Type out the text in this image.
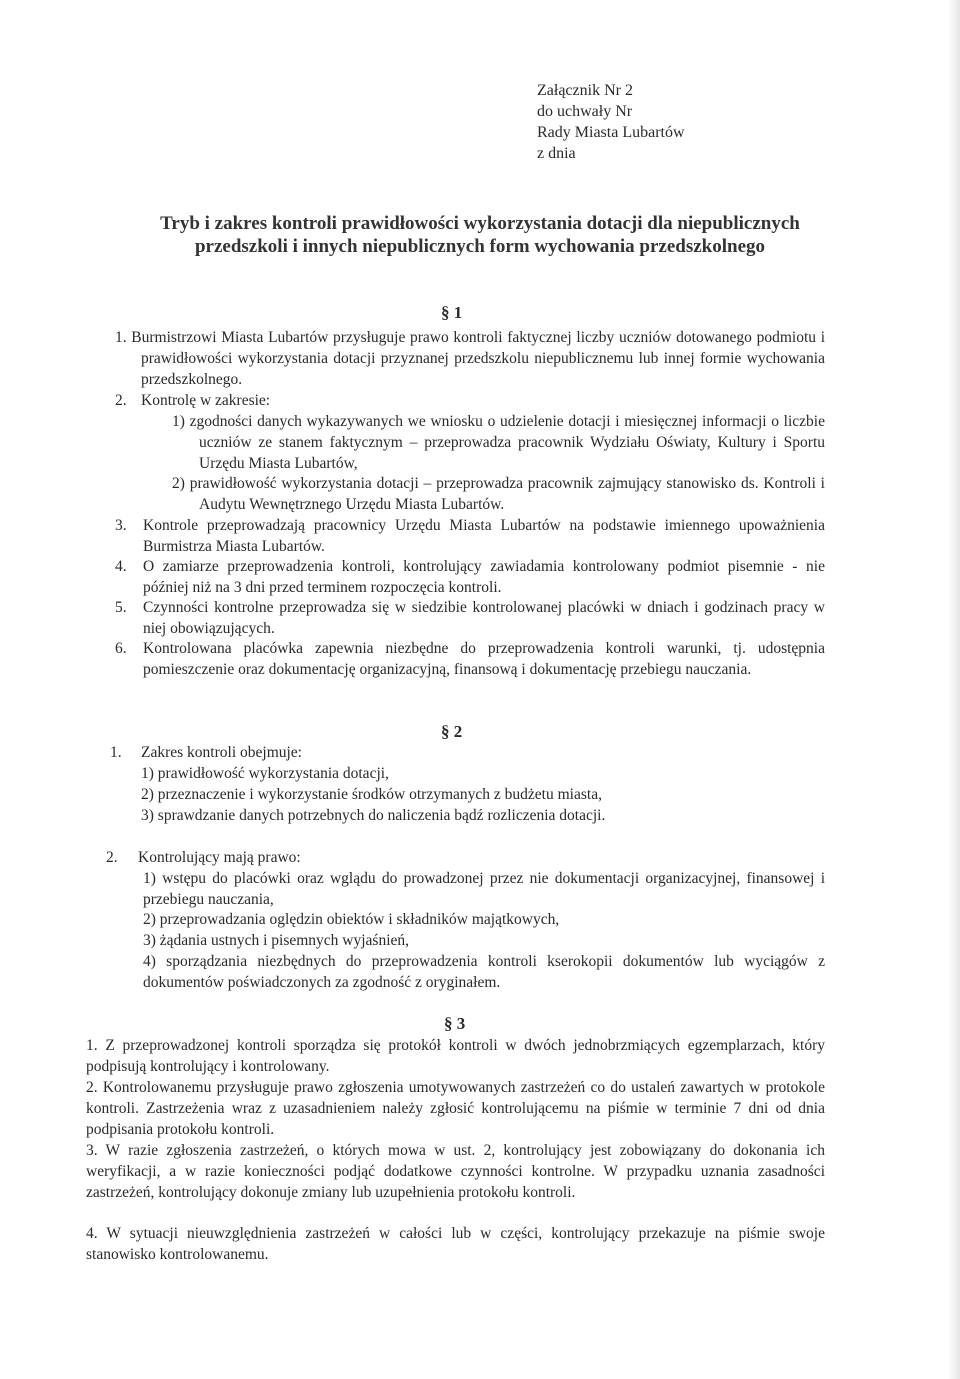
Załącznik Nr 2
do uchwały Nr
Rady Miasta Lubartów
z dnia
Tryb i zakres kontroli prawidłowości wykorzystania dotacji dla niepublicznych
przedszkoli i innych niepublicznych form wychowania przedszkolnego
§ 1
1. Burmistrzowi Miasta Lubartów przysługuje prawo kontroli faktycznej liczby uczniów dotowanego podmiotu i prawidłowości wykorzystania dotacji przyznanej przedszkolu niepublicznemu lub innej formie wychowania przedszkolnego.
2. Kontrolę w zakresie:
1) zgodności danych wykazywanych we wniosku o udzielenie dotacji i miesięcznej informacji o liczbie uczniów ze stanem faktycznym – przeprowadza pracownik Wydziału Oświaty, Kultury i Sportu Urzędu Miasta Lubartów,
2) prawidłowość wykorzystania dotacji – przeprowadza pracownik zajmujący stanowisko ds. Kontroli i Audytu Wewnętrznego Urzędu Miasta Lubartów.
3. Kontrole przeprowadzają pracownicy Urzędu Miasta Lubartów na podstawie imiennego upoważnienia Burmistrza Miasta Lubartów.
4. O zamiarze przeprowadzenia kontroli, kontrolujący zawiadamia kontrolowany podmiot pisemnie - nie później niż na 3 dni przed terminem rozpoczęcia kontroli.
5. Czynności kontrolne przeprowadza się w siedzibie kontrolowanej placówki w dniach i godzinach pracy w niej obowiązujących.
6. Kontrolowana placówka zapewnia niezbędne do przeprowadzenia kontroli warunki, tj. udostępnia pomieszczenie oraz dokumentację organizacyjną, finansową i dokumentację przebiegu nauczania.
§ 2
1. Zakres kontroli obejmuje:
1) prawidłowość wykorzystania dotacji,
2) przeznaczenie i wykorzystanie środków otrzymanych z budżetu miasta,
3) sprawdzanie danych potrzebnych do naliczenia bądź rozliczenia dotacji.
2. Kontrolujący mają prawo:
1) wstępu do placówki oraz wglądu do prowadzonej przez nie dokumentacji organizacyjnej, finansowej i przebiegu nauczania,
2) przeprowadzania oględzin obiektów i składników majątkowych,
3) żądania ustnych i pisemnych wyjaśnień,
4) sporządzania niezbędnych do przeprowadzenia kontroli kserokopii dokumentów lub wyciągów z dokumentów poświadczonych za zgodność z oryginałem.
§ 3
1. Z przeprowadzonej kontroli sporządza się protokół kontroli w dwóch jednobrzmiących egzemplarzach, który podpisują kontrolujący i kontrolowany.
2. Kontrolowanemu przysługuje prawo zgłoszenia umotywowanych zastrzeżeń co do ustaleń zawartych w protokole kontroli. Zastrzeżenia wraz z uzasadnieniem należy zgłosić kontrolującemu na piśmie w terminie 7 dni od dnia podpisania protokołu kontroli.
3. W razie zgłoszenia zastrzeżeń, o których mowa w ust. 2, kontrolujący jest zobowiązany do dokonania ich weryfikacji, a w razie konieczności podjąć dodatkowe czynności kontrolne. W przypadku uznania zasadności zastrzeżeń, kontrolujący dokonuje zmiany lub uzupełnienia protokołu kontroli.
4. W sytuacji nieuwzględnienia zastrzeżeń w całości lub w części, kontrolujący przekazuje na piśmie swoje stanowisko kontrolowanemu.
